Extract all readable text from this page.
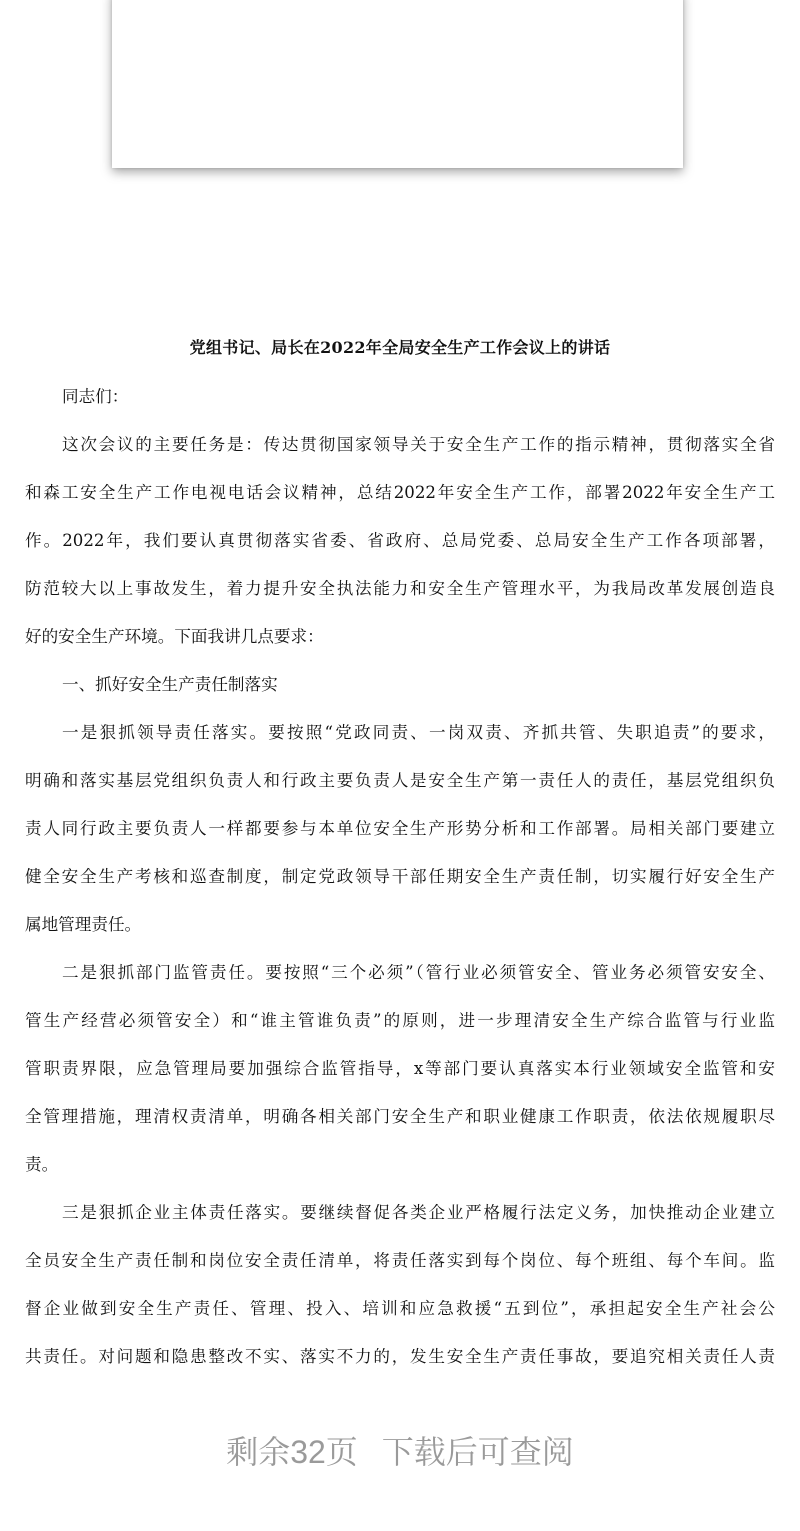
党组书记、局长在2022年全局安全生产工作会议上的讲话
同志们：
这次会议的主要任务是：传达贯彻国家领导关于安全生产工作的指示精神，贯彻落实全省
和森工安全生产工作电视电话会议精神，总结2022年安全生产工作，部署2022年安全生产工
作。2022年，我们要认真贯彻落实省委、省政府、总局党委、总局安全生产工作各项部署，
防范较大以上事故发生，着力提升安全执法能力和安全生产管理水平，为我局改革发展创造良
好的安全生产环境。下面我讲几点要求：
一、抓好安全生产责任制落实
一是狠抓领导责任落实。要按照“党政同责、一岗双责、齐抓共管、失职追责”的要求，
明确和落实基层党组织负责人和行政主要负责人是安全生产第一责任人的责任，基层党组织负
责人同行政主要负责人一样都要参与本单位安全生产形势分析和工作部署。局相关部门要建立
健全安全生产考核和巡查制度，制定党政领导干部任期安全生产责任制，切实履行好安全生产
属地管理责任。
二是狠抓部门监管责任。要按照“三个必须”（管行业必须管安全、管业务必须管安安全、
管生产经营必须管安全）和“谁主管谁负责”的原则，进一步理清安全生产综合监管与行业监
管职责界限，应急管理局要加强综合监管指导，x等部门要认真落实本行业领域安全监管和安
全管理措施，理清权责清单，明确各相关部门安全生产和职业健康工作职责，依法依规履职尽
责。
三是狠抓企业主体责任落实。要继续督促各类企业严格履行法定义务，加快推动企业建立
全员安全生产责任制和岗位安全责任清单，将责任落实到每个岗位、每个班组、每个车间。监
督企业做到安全生产责任、管理、投入、培训和应急救援“五到位”，承担起安全生产社会公
共责任。对问题和隐患整改不实、落实不力的，发生安全生产责任事故，要追究相关责任人责
剩余32页 下载后可查阅
